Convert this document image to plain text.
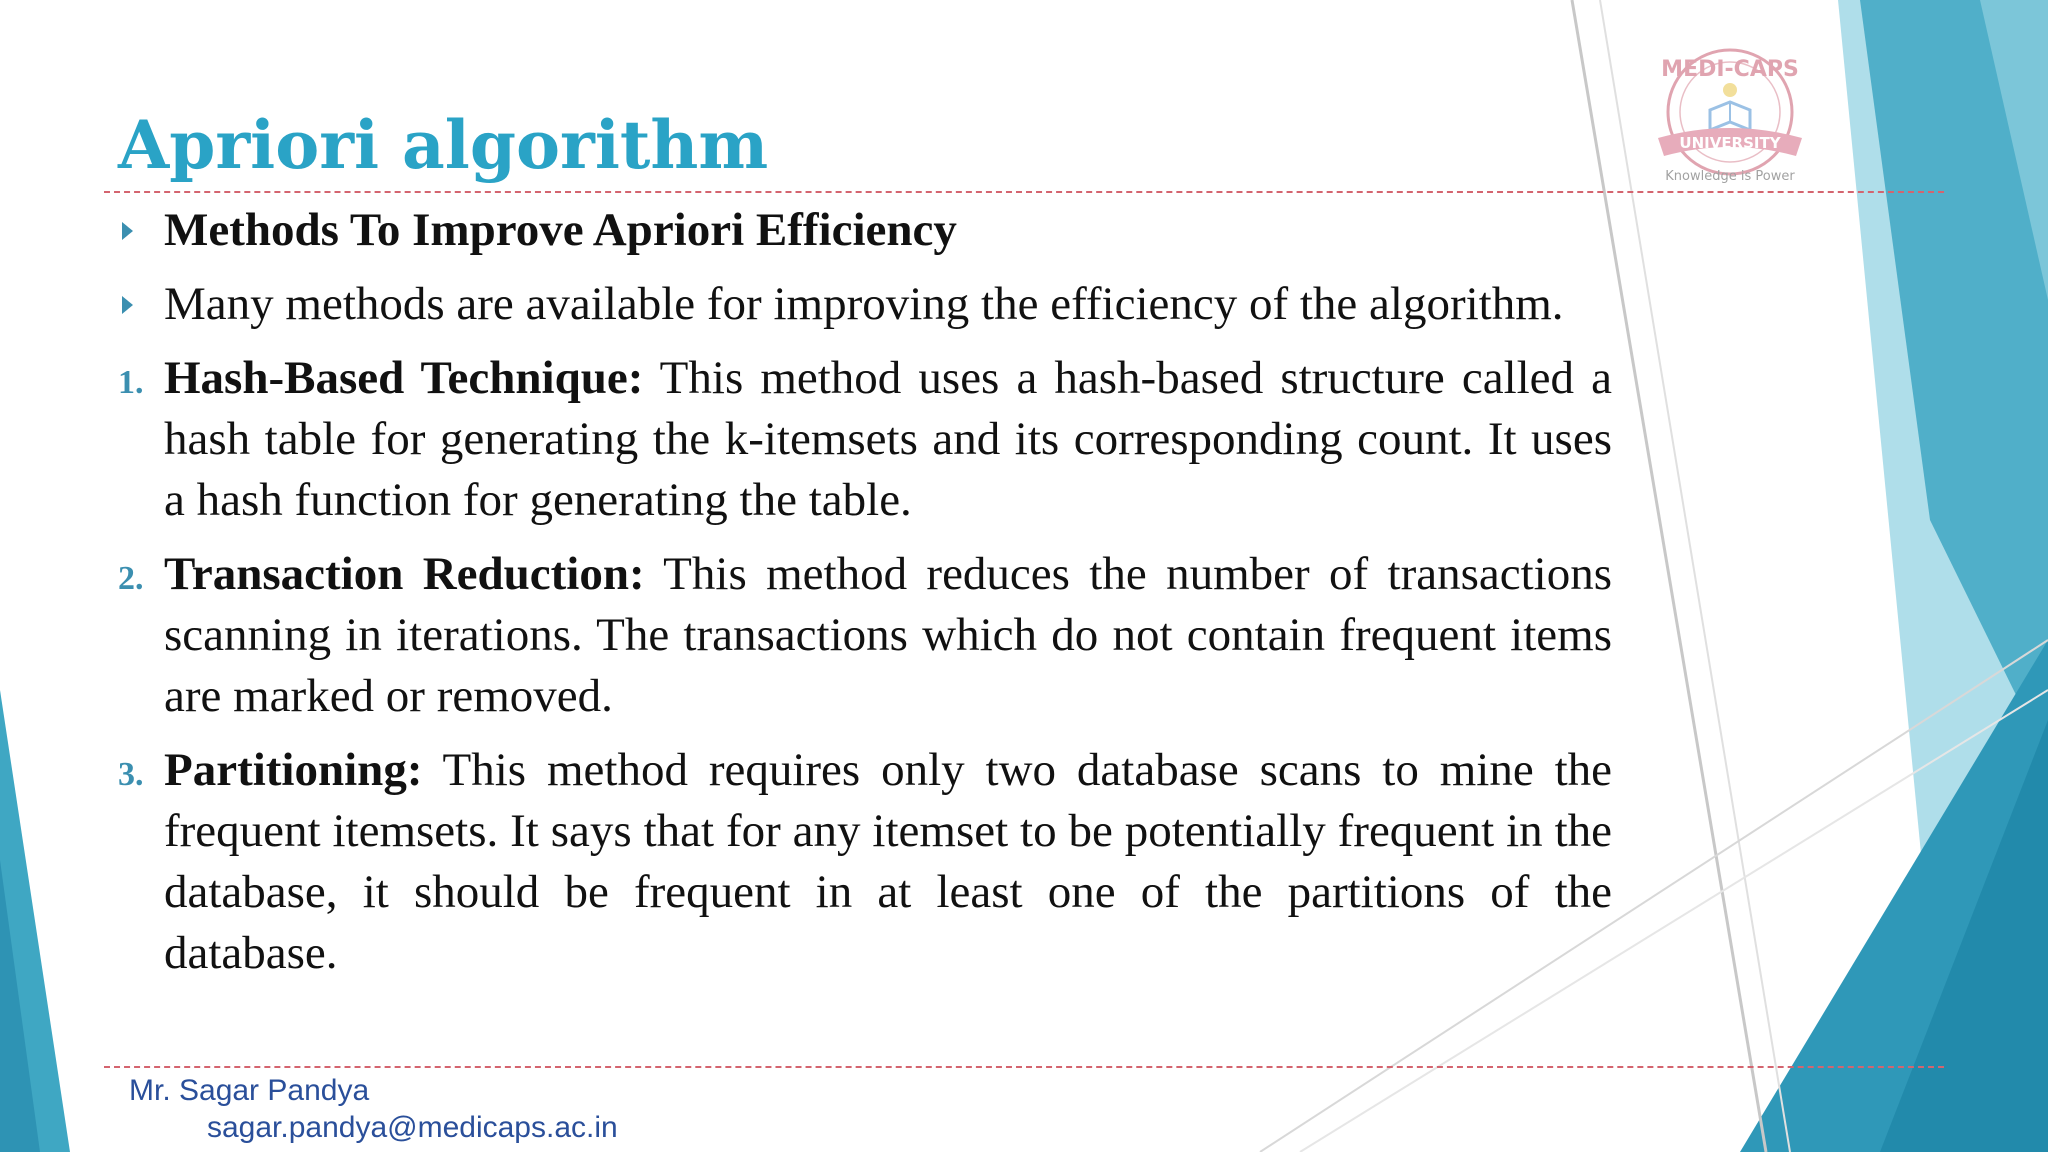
MEDI-CAPS
UNIVERSITY
Knowledge is Power
Apriori algorithm
Methods To Improve Apriori Efficiency
Many methods are available for improving the efficiency of the algorithm.
1. Hash-Based Technique: This method uses a hash-based structure called a hash table for generating the k-itemsets and its corresponding count. It uses a hash function for generating the table.
2. Transaction Reduction: This method reduces the number of transactions scanning in iterations. The transactions which do not contain frequent items are marked or removed.
3. Partitioning: This method requires only two database scans to mine the frequent itemsets. It says that for any itemset to be potentially frequent in the database, it should be frequent in at least one of the partitions of the database.
Mr. Sagar Pandya
sagar.pandya@medicaps.ac.in
